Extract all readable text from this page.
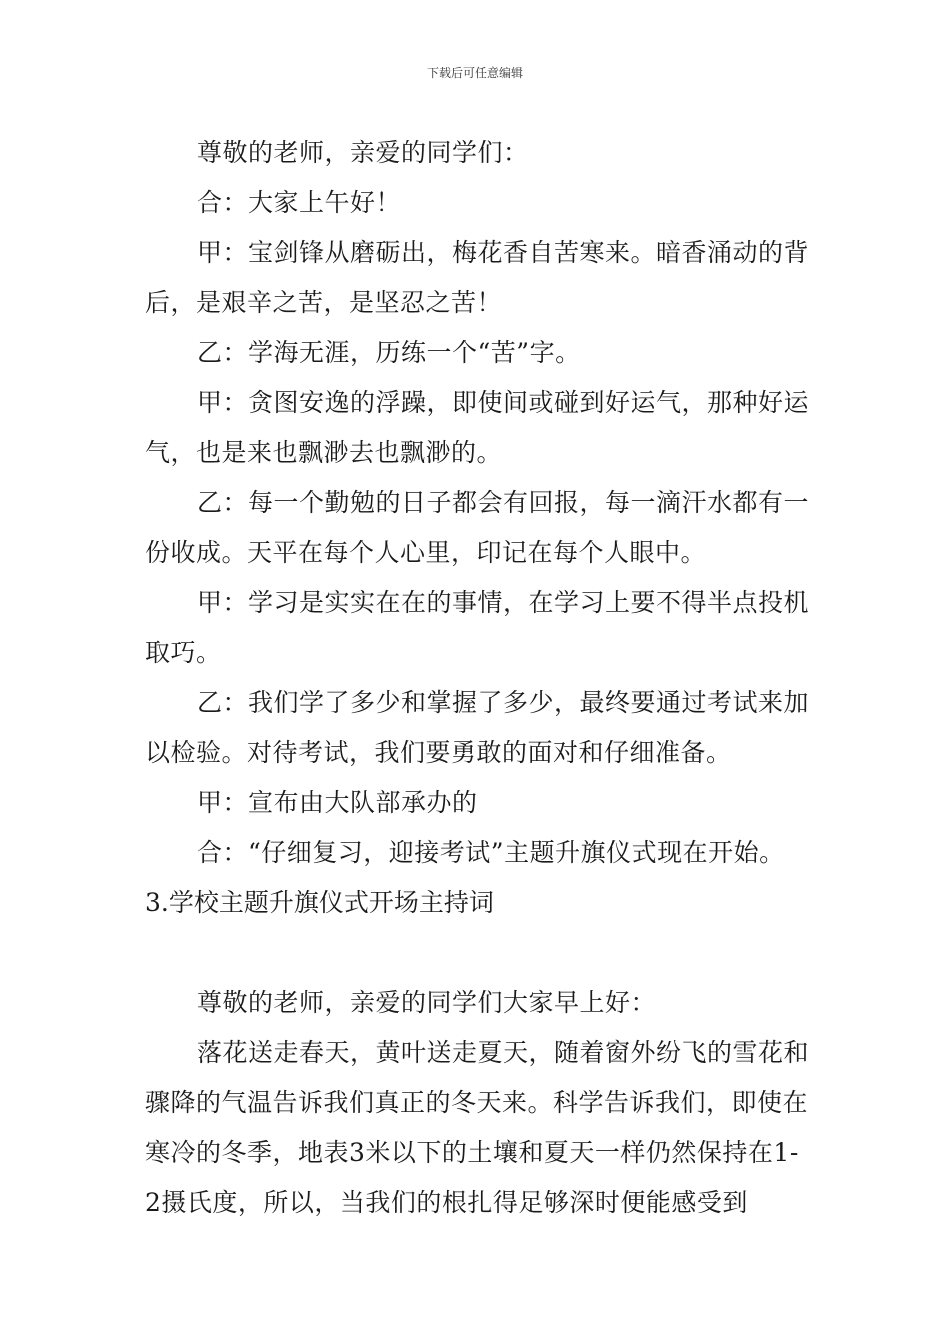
下载后可任意编辑

尊敬的老师，亲爱的同学们：

合：大家上午好！

甲：宝剑锋从磨砺出，梅花香自苦寒来。暗香涌动的背后，是艰辛之苦，是坚忍之苦！

乙：学海无涯，历练一个“苦”字。

甲：贪图安逸的浮躁，即使间或碰到好运气，那种好运气，也是来也飘渺去也飘渺的。

乙：每一个勤勉的日子都会有回报，每一滴汗水都有一份收成。天平在每个人心里，印记在每个人眼中。

甲：学习是实实在在的事情，在学习上要不得半点投机取巧。

乙：我们学了多少和掌握了多少，最终要通过考试来加以检验。对待考试，我们要勇敢的面对和仔细准备。

甲：宣布由大队部承办的

合：“仔细复习，迎接考试”主题升旗仪式现在开始。

3.学校主题升旗仪式开场主持词

尊敬的老师，亲爱的同学们大家早上好：

落花送走春天，黄叶送走夏天，随着窗外纷飞的雪花和骤降的气温告诉我们真正的冬天来。科学告诉我们，即使在寒冷的冬季，地表3米以下的土壤和夏天一样仍然保持在1-2摄氏度，所以，当我们的根扎得足够深时便能感受到
